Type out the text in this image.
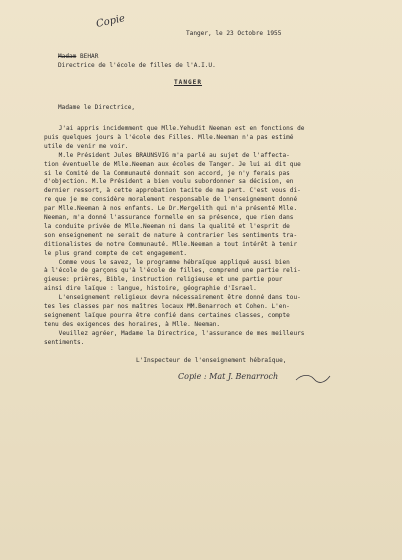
Copie
Tanger, le 23 Octobre 1955
Madam BEHAR
Directrice de l'école de filles de l'A.I.U.
TANGER
Madame le Directrice,
J'ai appris incidemment que Mlle.Yehudit Neeman est en fonctions de
puis quelques jours à l'école des Filles. Mlle.Neeman n'a pas estimé
utile de venir me voir.
M.le Président Jules BRAUNSVIG m'a parlé au sujet de l'affecta-
tion éventuelle de Mlle.Neeman aux écoles de Tanger. Je lui ai dit que
si le Comité de la Communauté donnait son accord, je n'y ferais pas
d'objection. M.le Président a bien voulu subordonner sa décision, en
dernier ressort, à cette approbation tacite de ma part. C'est vous di-
re que je me considère moralement responsable de l'enseignement donné
par Mlle.Neeman à nos enfants. Le Dr.Mergelith qui m'a présenté Mlle.
Neeman, m'a donné l'assurance formelle en sa présence, que rien dans
la conduite privée de Mlle.Neeman ni dans la qualité et l'esprit de
son enseignement ne serait de nature à contrarier les sentiments tra-
ditionalistes de notre Communauté. Mlle.Neeman a tout intérêt à tenir
le plus grand compte de cet engagement.
Comme vous le savez, le programme hébraïque appliqué aussi bien
à l'école de garçons qu'à l'école de filles, comprend une partie reli-
gieuse: prières, Bible, instruction religieuse et une partie pour
ainsi dire laïque : langue, histoire, géographie d'Israel.
L'enseignement religieux devra nécessairement être donné dans tou-
tes les classes par nos maîtres locaux MM.Benarroch et Cohen. L'en-
seignement laïque pourra être confié dans certaines classes, compte
tenu des exigences des horaires, à Mlle. Neeman.
Veuillez agréer, Madame la Directrice, l'assurance de mes meilleurs
sentiments.
L'Inspecteur de l'enseignement hébraïque,
Copie : Mat J. Benarroch
